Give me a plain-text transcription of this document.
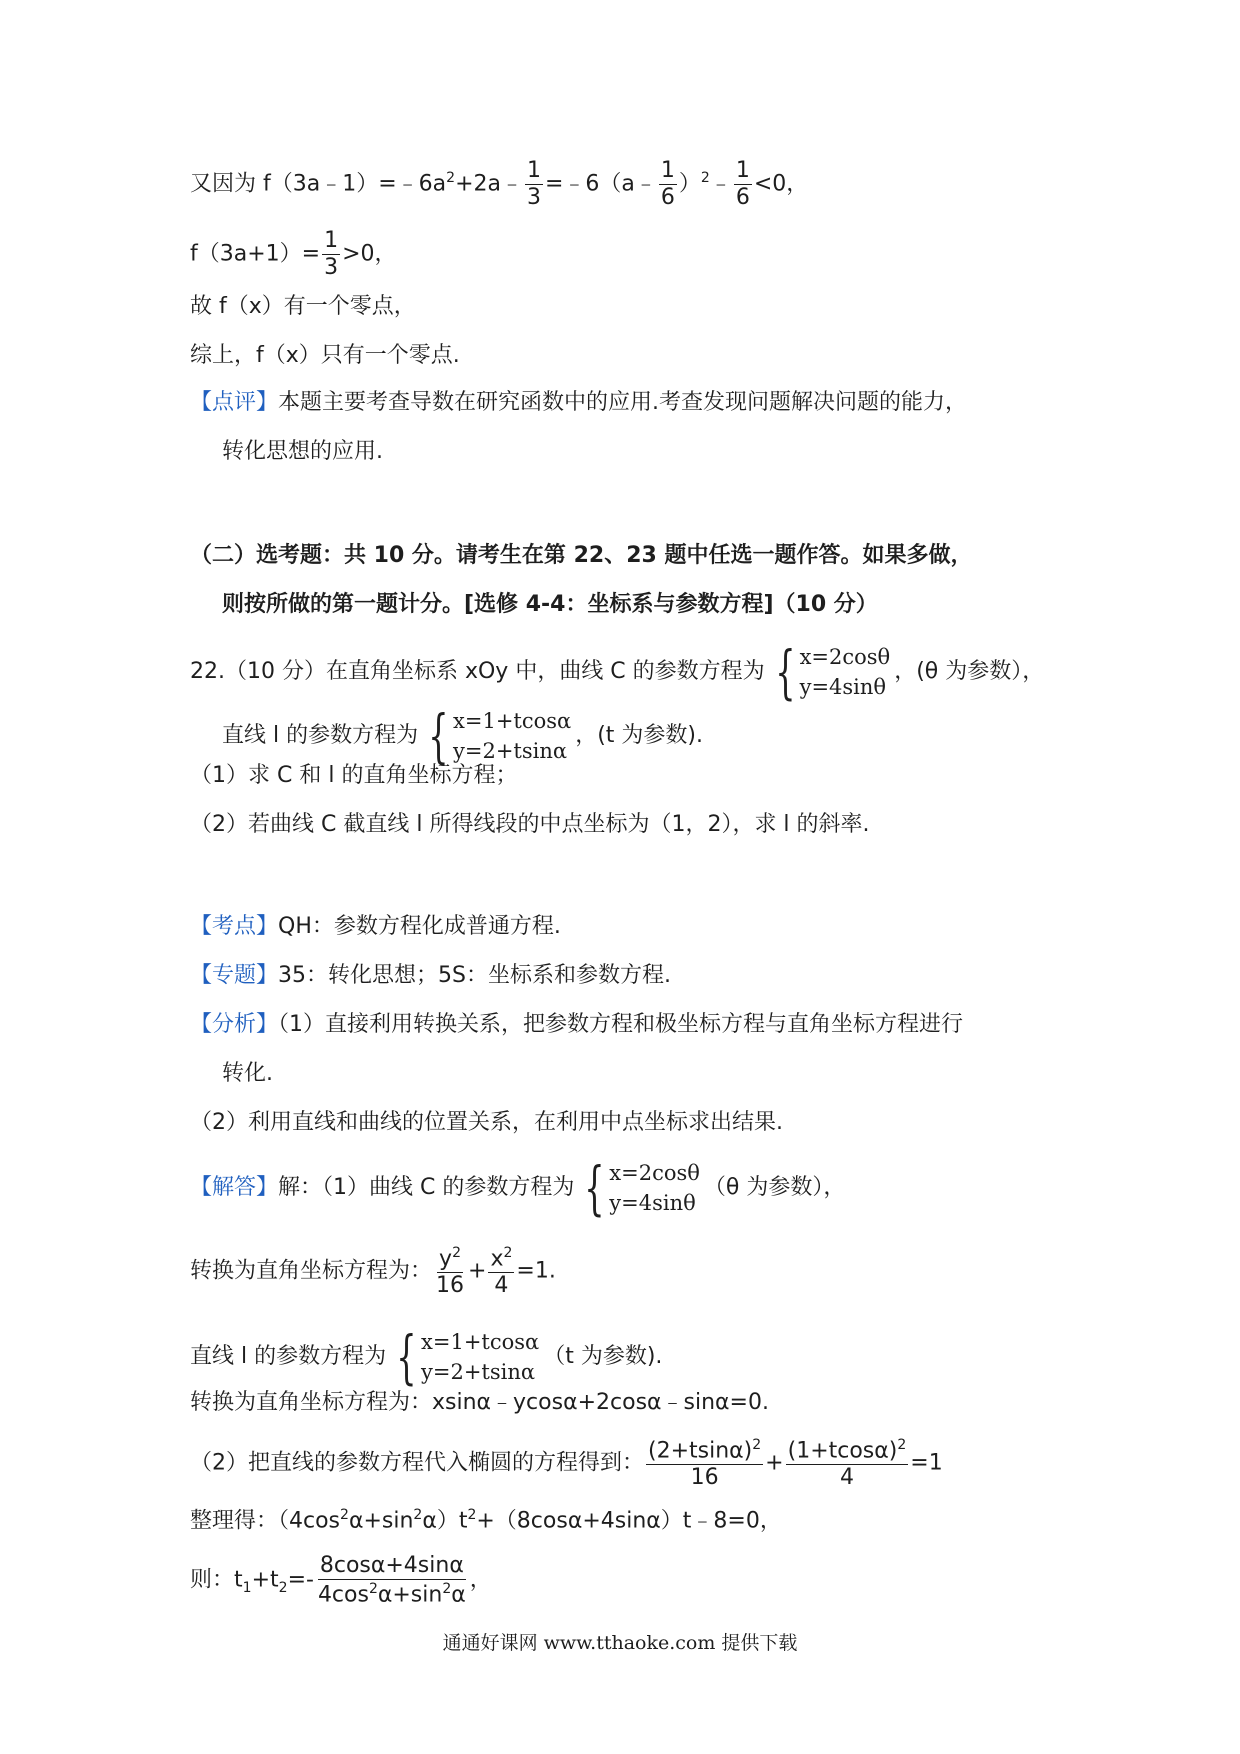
又因为 $f(3a﹣1)=﹣6a^2+2a﹣ \frac{1}{3}$ =﹣6（a﹣ $\frac{1}{6}$ ）$^2$﹣ $\frac{1}{6} <0$，
$f(3a+1)= \frac{1}{3} >0$，
故 f（x）有一个零点，
综上，f（x）只有一个零点.
【点评】本题主要考查导数在研究函数中的应用.考查发现问题解决问题的能力，
转化思想的应用.
（二）选考题：共 10 分。请考生在第 22、23 题中任选一题作答。如果多做，
则按所做的第一题计分。[选修 4-4：坐标系与参数方程]（10 分）
22.（10 分）在直角坐标系 xOy 中，曲线 C 的参数方程为 { x=2cosθ
y=4sinθ
，(θ 为参数），
直线 l 的参数方程为 { x=1+tcosα
y=2+tsinα
，(t 为参数).
（1）求 C 和 l 的直角坐标方程；
（2）若曲线 C 截直线 l 所得线段的中点坐标为（1，2），求 l 的斜率.
【考点】QH：参数方程化成普通方程.
【专题】35：转化思想；5S：坐标系和参数方程.
【分析】（1）直接利用转换关系，把参数方程和极坐标方程与直角坐标方程进行
转化.
（2）利用直线和曲线的位置关系，在利用中点坐标求出结果.
【解答】解：（1）曲线 C 的参数方程为 { x=2cosθ
y=4sinθ
（θ 为参数），
转换为直角坐标方程为： $\frac{y^2}{16} + \frac{x^2}{4} =1$.
直线 l 的参数方程为 { x=1+tcosα
y=2+tsinα
（t 为参数).
转换为直角坐标方程为：xsinα﹣ycosα+2cosα﹣sinα=0.
（2）把直线的参数方程代入椭圆的方程得到： $\frac{(2+tsin\alpha)^2}{16} + \frac{(1+tcos\alpha)^2}{4} =1$
整理得：$(4\cos^2\alpha+\sin^2\alpha)t^2+(8\cos\alpha+4\sin\alpha)t﹣8=0$，
则：$t_1+t_2=- \frac{8\cos\alpha+4\sin\alpha}{4\cos^2\alpha+\sin^2\alpha}$ ，
通通好课网 www.tthaoke.com 提供下载
